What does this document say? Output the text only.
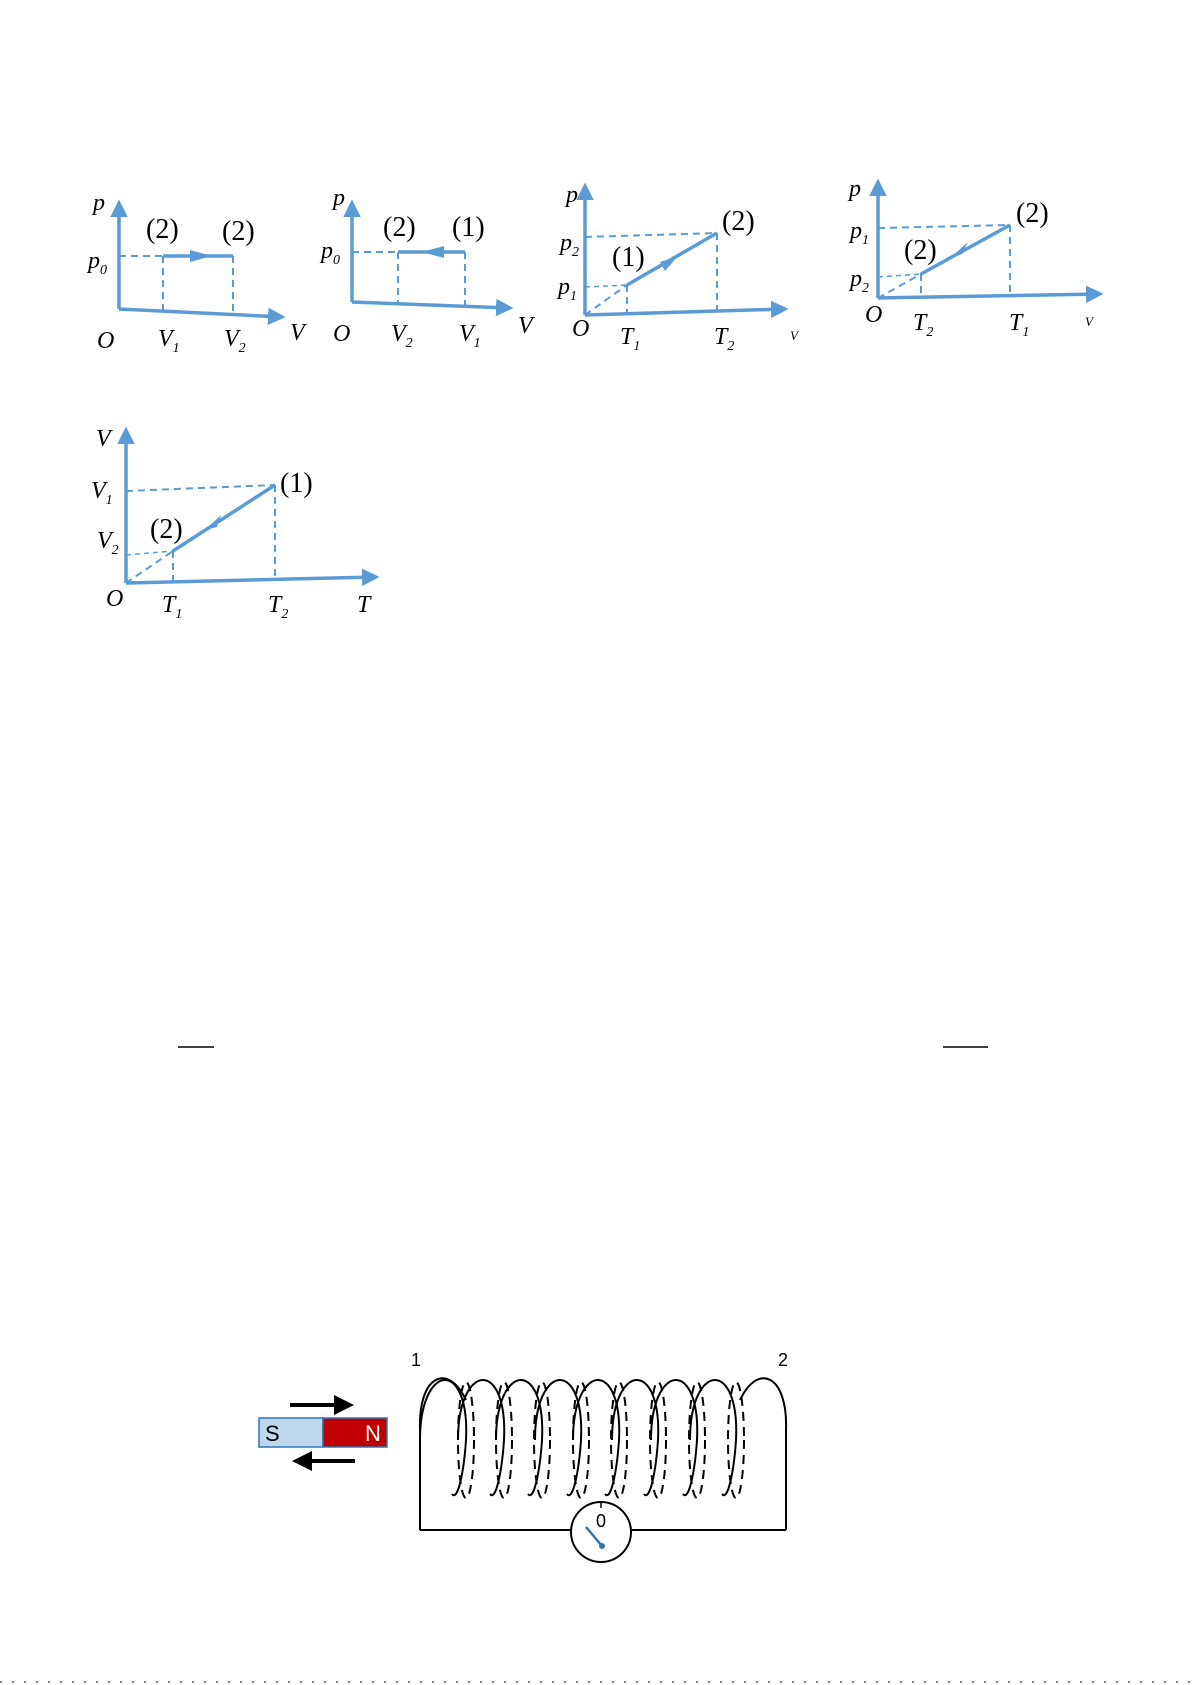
p
$p_0$
O $V_1$ $V_2$
V
(2) (2)
p
$p_0$
O $V_2$ $V_1$
V
(2) (1)
p
$p_2$
$p_1$
O $T_1$	$T_2$
V
(1)
(2)
p
$p_1$
$p_2$
O $T_2$	$T_1$
V
(2)
(2)
V
$V_1$
$V_2$
O $T_1$	$T_2$	T
(1)
(2)
S	N
0
1	2
